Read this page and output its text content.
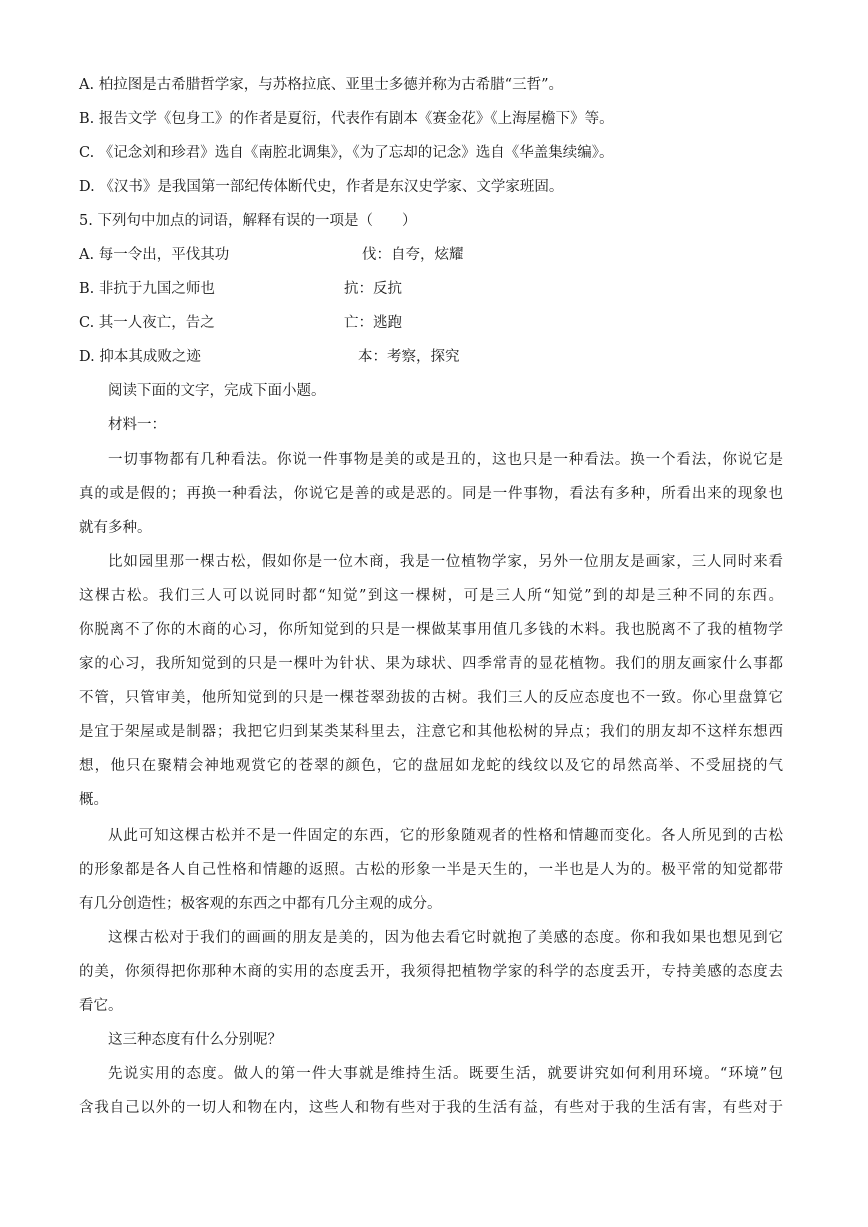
A. 柏拉图是古希腊哲学家，与苏格拉底、亚里士多德并称为古希腊“三哲”。
B. 报告文学《包身工》的作者是夏衍，代表作有剧本《赛金花》《上海屋檐下》等。
C. 《记念刘和珍君》选自《南腔北调集》，《为了忘却的记念》选自《华盖集续编》。
D. 《汉书》是我国第一部纪传体断代史，作者是东汉史学家、文学家班固。
5. 下列句中加点的词语，解释有误的一项是（　　）
A. 每一令出，平伐其功	伐：自夸，炫耀
B. 非抗于九国之师也	抗：反抗
C. 其一人夜亡，告之	亡：逃跑
D. 抑本其成败之迹	本：考察，探究
阅读下面的文字，完成下面小题。
材料一：
一切事物都有几种看法。你说一件事物是美的或是丑的，这也只是一种看法。换一个看法，你说它是
真的或是假的；再换一种看法，你说它是善的或是恶的。同是一件事物，看法有多种，所看出来的现象也
就有多种。
比如园里那一棵古松，假如你是一位木商，我是一位植物学家，另外一位朋友是画家，三人同时来看
这棵古松。我们三人可以说同时都“知觉”到这一棵树，可是三人所“知觉”到的却是三种不同的东西。
你脱离不了你的木商的心习，你所知觉到的只是一棵做某事用值几多钱的木料。我也脱离不了我的植物学
家的心习，我所知觉到的只是一棵叶为针状、果为球状、四季常青的显花植物。我们的朋友画家什么事都
不管，只管审美，他所知觉到的只是一棵苍翠劲拔的古树。我们三人的反应态度也不一致。你心里盘算它
是宜于架屋或是制器；我把它归到某类某科里去，注意它和其他松树的异点；我们的朋友却不这样东想西
想，他只在聚精会神地观赏它的苍翠的颜色，它的盘屈如龙蛇的线纹以及它的昂然高举、不受屈挠的气
概。
从此可知这棵古松并不是一件固定的东西，它的形象随观者的性格和情趣而变化。各人所见到的古松
的形象都是各人自己性格和情趣的返照。古松的形象一半是天生的，一半也是人为的。极平常的知觉都带
有几分创造性；极客观的东西之中都有几分主观的成分。
这棵古松对于我们的画画的朋友是美的，因为他去看它时就抱了美感的态度。你和我如果也想见到它
的美，你须得把你那种木商的实用的态度丢开，我须得把植物学家的科学的态度丢开，专持美感的态度去
看它。
这三种态度有什么分别呢？
先说实用的态度。做人的第一件大事就是维持生活。既要生活，就要讲究如何利用环境。“环境”包
含我自己以外的一切人和物在内，这些人和物有些对于我的生活有益，有些对于我的生活有害，有些对于
